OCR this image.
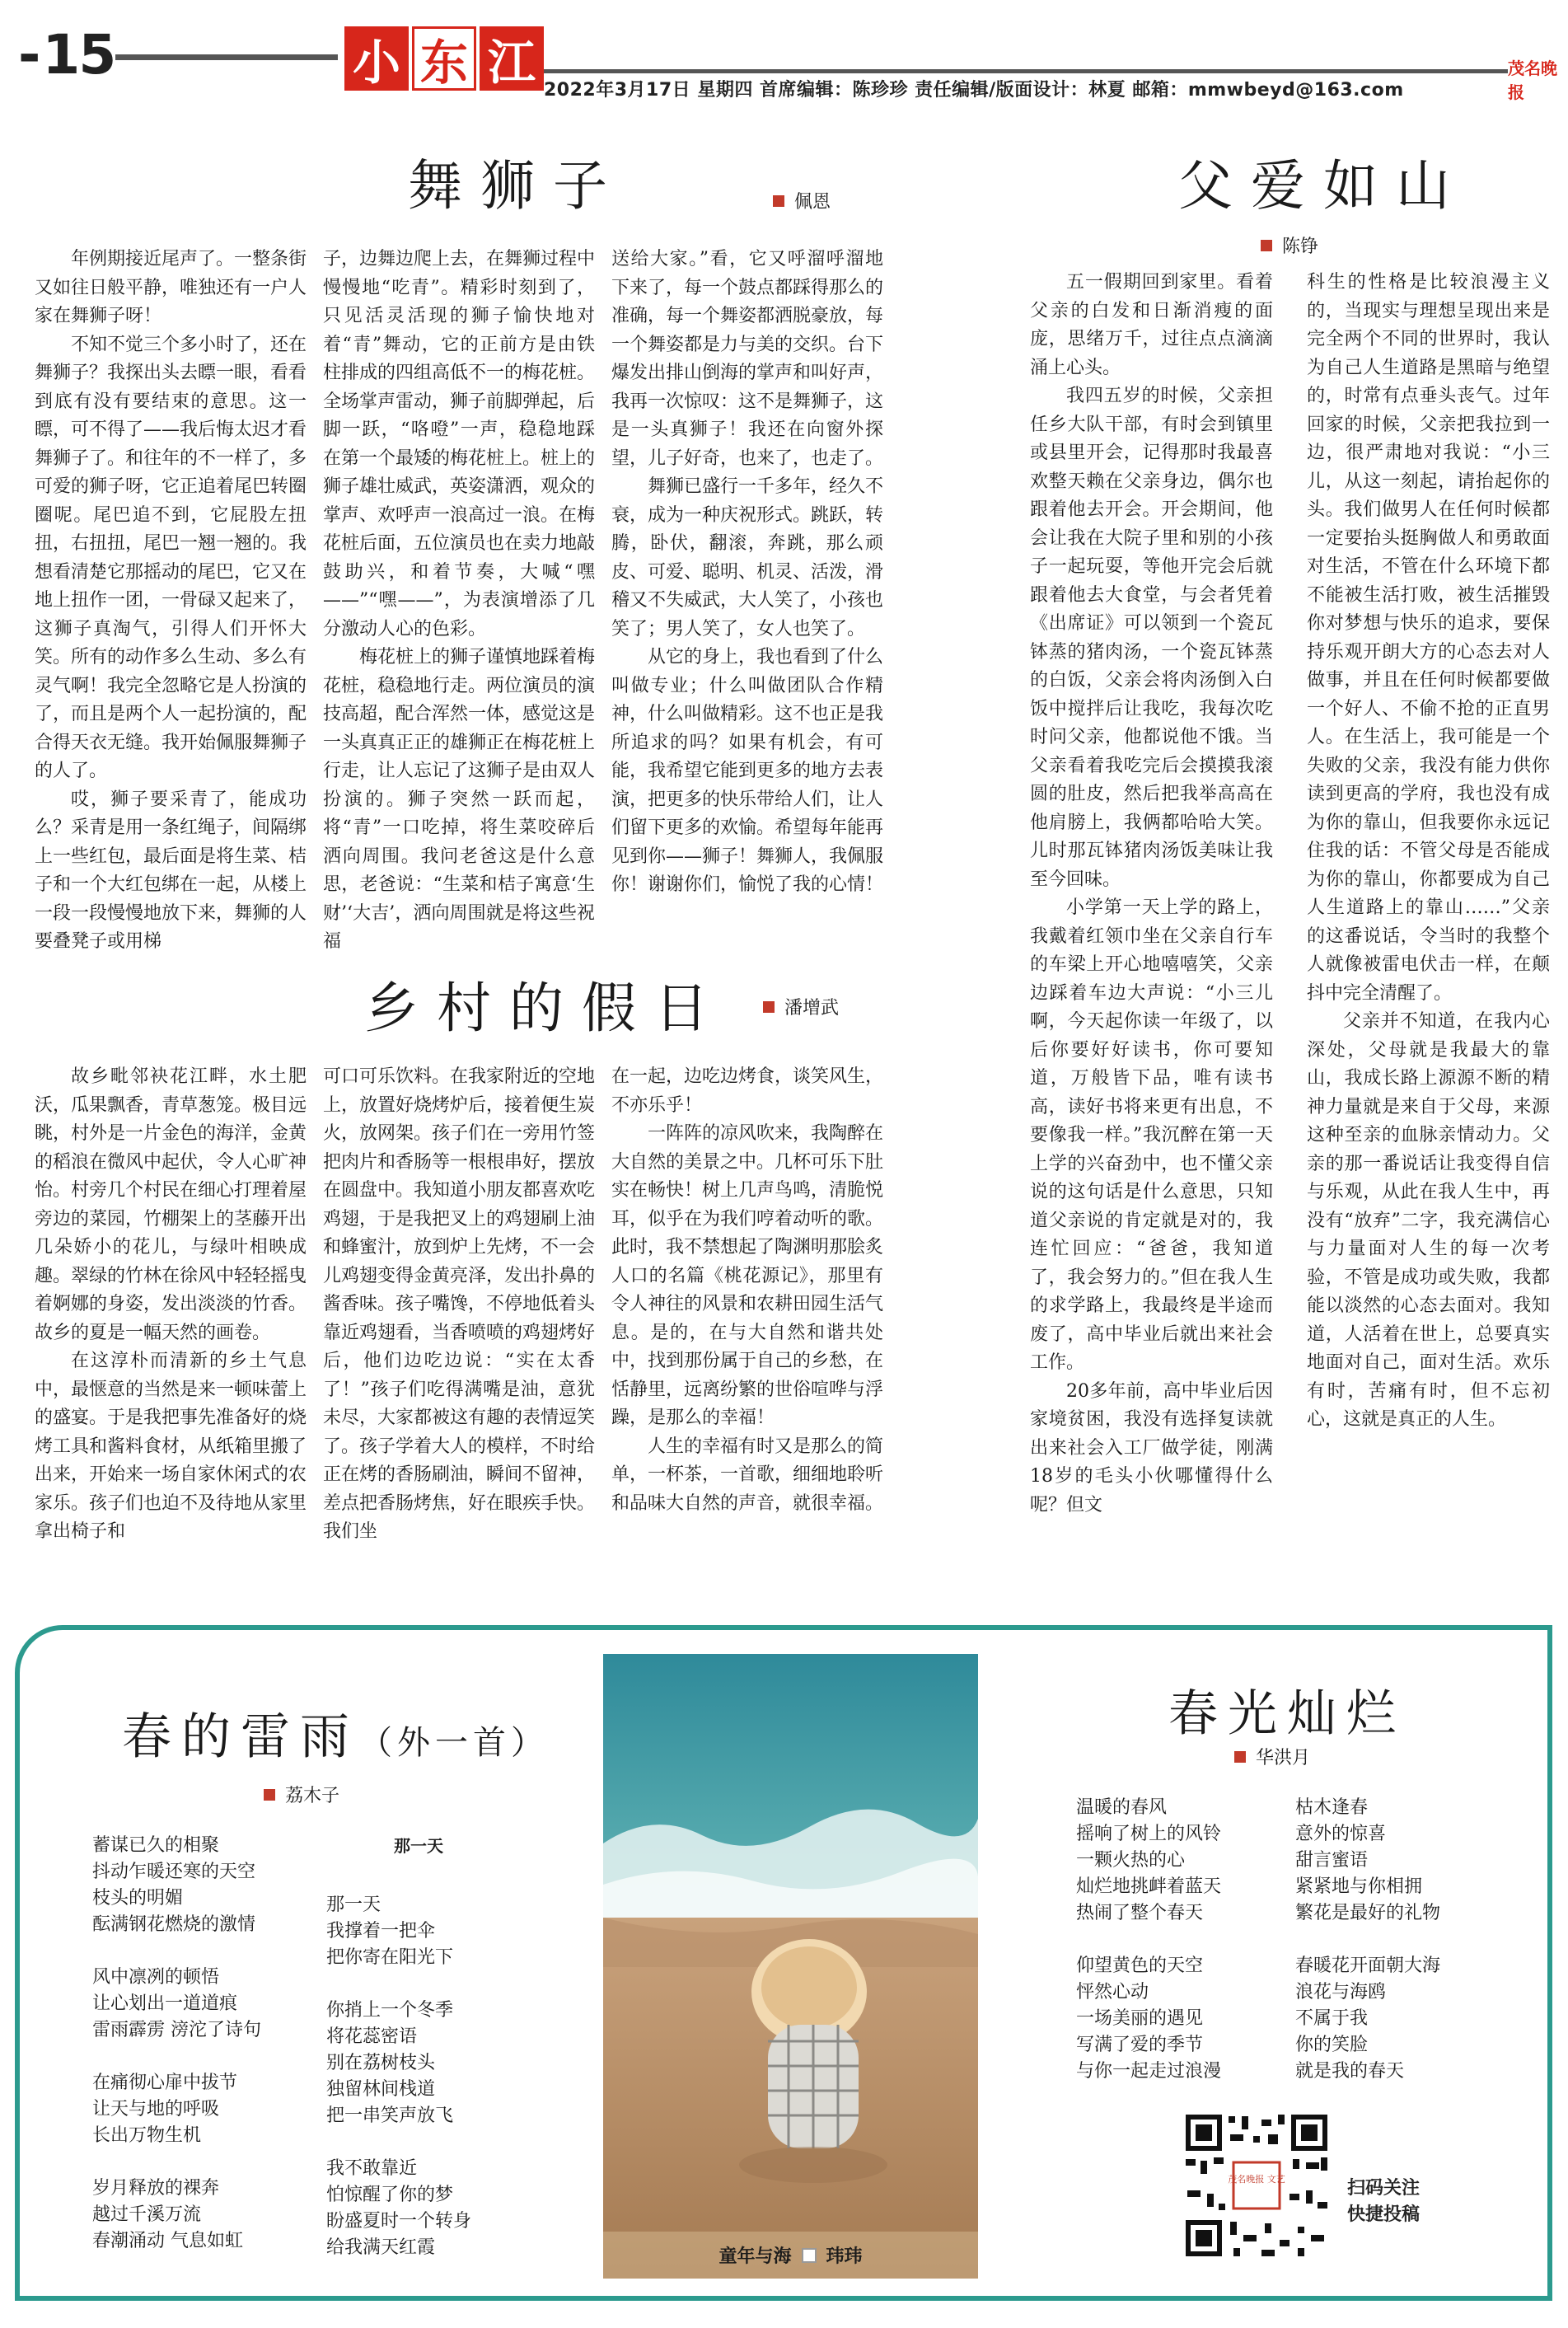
- 15	小 东 江 2022年3月17日 星期四 首席编辑：陈珍珍 责任编辑/版面设计：林夏 邮箱：mmwbeyd@163.com
茂名晚报
舞狮子	佩恩

年例期接近尾声了。一整条街又如往日般平静，唯独还有一户人家在舞狮子呀！

不知不觉三个多小时了，还在舞狮子？我探出头去瞟一眼，看看到底有没有要结束的意思。这一瞟，可不得了——我后悔太迟才看舞狮子了。和往年的不一样了，多可爱的狮子呀，它正追着尾巴转圈圈呢。尾巴追不到，它屁股左扭扭，右扭扭，尾巴一翘一翘的。我想看清楚它那摇动的尾巴，它又在地上扭作一团，一骨碌又起来了，这狮子真淘气，引得人们开怀大笑。所有的动作多么生动、多么有灵气啊！我完全忽略它是人扮演的了，而且是两个人一起扮演的，配合得天衣无缝。我开始佩服舞狮子的人了。

哎，狮子要采青了，能成功么？采青是用一条红绳子，间隔绑上一些红包，最后面是将生菜、桔子和一个大红包绑在一起，从楼上一段一段慢慢地放下来，舞狮的人要叠凳子或用梯

子，边舞边爬上去，在舞狮过程中慢慢地“吃青”。精彩时刻到了，只见活灵活现的狮子愉快地对着“青”舞动，它的正前方是由铁柱排成的四组高低不一的梅花桩。全场掌声雷动，狮子前脚弹起，后脚一跃，“咯噔”一声，稳稳地踩在第一个最矮的梅花桩上。桩上的狮子雄壮威武，英姿潇洒，观众的掌声、欢呼声一浪高过一浪。在梅花桩后面，五位演员也在卖力地敲鼓助兴，和着节奏，大喊“嘿——”“嘿——”，为表演增添了几分激动人心的色彩。

梅花桩上的狮子谨慎地踩着梅花桩，稳稳地行走。两位演员的演技高超，配合浑然一体，感觉这是一头真真正正的雄狮正在梅花桩上行走，让人忘记了这狮子是由双人扮演的。狮子突然一跃而起，将“青”一口吃掉，将生菜咬碎后洒向周围。我问老爸这是什么意思，老爸说：“生菜和桔子寓意‘生财’‘大吉’，洒向周围就是将这些祝福

送给大家。”看，它又呼溜呼溜地下来了，每一个鼓点都踩得那么的准确，每一个舞姿都洒脱豪放，每一个舞姿都是力与美的交织。台下爆发出排山倒海的掌声和叫好声，我再一次惊叹：这不是舞狮子，这是一头真狮子！我还在向窗外探望，儿子好奇，也来了，也走了。

舞狮已盛行一千多年，经久不衰，成为一种庆祝形式。跳跃，转腾，卧伏，翻滚，奔跳，那么顽皮、可爱、聪明、机灵、活泼，滑稽又不失威武，大人笑了，小孩也笑了；男人笑了，女人也笑了。

从它的身上，我也看到了什么叫做专业；什么叫做团队合作精神，什么叫做精彩。这不也正是我所追求的吗？如果有机会，有可能，我希望它能到更多的地方去表演，把更多的快乐带给人们，让人们留下更多的欢愉。希望每年能再见到你——狮子！舞狮人，我佩服你！谢谢你们，愉悦了我的心情！

乡村的假日	潘增武

故乡毗邻袂花江畔，水土肥沃，瓜果飘香，青草葱笼。极目远眺，村外是一片金色的海洋，金黄的稻浪在微风中起伏，令人心旷神怡。村旁几个村民在细心打理着屋旁边的菜园，竹棚架上的茎藤开出几朵娇小的花儿，与绿叶相映成趣。翠绿的竹林在徐风中轻轻摇曳着婀娜的身姿，发出淡淡的竹香。故乡的夏是一幅天然的画卷。

在这淳朴而清新的乡土气息中，最惬意的当然是来一顿味蕾上的盛宴。于是我把事先准备好的烧烤工具和酱料食材，从纸箱里搬了出来，开始来一场自家休闲式的农家乐。孩子们也迫不及待地从家里拿出椅子和

可口可乐饮料。在我家附近的空地上，放置好烧烤炉后，接着便生炭火，放网架。孩子们在一旁用竹签把肉片和香肠等一根根串好，摆放在圆盘中。我知道小朋友都喜欢吃鸡翅，于是我把叉上的鸡翅刷上油和蜂蜜汁，放到炉上先烤，不一会儿鸡翅变得金黄亮泽，发出扑鼻的酱香味。孩子嘴馋，不停地低着头靠近鸡翅看，当香喷喷的鸡翅烤好后，他们边吃边说：“实在太香了！”孩子们吃得满嘴是油，意犹未尽，大家都被这有趣的表情逗笑了。孩子学着大人的模样，不时给正在烤的香肠刷油，瞬间不留神，差点把香肠烤焦，好在眼疾手快。我们坐

在一起，边吃边烤食，谈笑风生，不亦乐乎！

一阵阵的凉风吹来，我陶醉在大自然的美景之中。几杯可乐下肚实在畅快！树上几声鸟鸣，清脆悦耳，似乎在为我们哼着动听的歌。此时，我不禁想起了陶渊明那脍炙人口的名篇《桃花源记》，那里有令人神往的风景和农耕田园生活气息。是的，在与大自然和谐共处中，找到那份属于自己的乡愁，在恬静里，远离纷繁的世俗喧哗与浮躁，是那么的幸福！

人生的幸福有时又是那么的简单，一杯茶，一首歌，细细地聆听和品味大自然的声音，就很幸福。

父爱如山
陈铮

五一假期回到家里。看着父亲的白发和日渐消瘦的面庞，思绪万千，过往点点滴滴涌上心头。

我四五岁的时候，父亲担任乡大队干部，有时会到镇里或县里开会，记得那时我最喜欢整天赖在父亲身边，偶尔也跟着他去开会。开会期间，他会让我在大院子里和别的小孩子一起玩耍，等他开完会后就跟着他去大食堂，与会者凭着《出席证》可以领到一个瓷瓦钵蒸的猪肉汤，一个瓷瓦钵蒸的白饭，父亲会将肉汤倒入白饭中搅拌后让我吃，我每次吃时问父亲，他都说他不饿。当父亲看着我吃完后会摸摸我滚圆的肚皮，然后把我举高高在他肩膀上，我俩都哈哈大笑。儿时那瓦钵猪肉汤饭美味让我至今回味。

小学第一天上学的路上，我戴着红领巾坐在父亲自行车的车梁上开心地嘻嘻笑，父亲边踩着车边大声说：“小三儿啊，今天起你读一年级了，以后你要好好读书，你可要知道，万般皆下品，唯有读书高，读好书将来更有出息，不要像我一样。”我沉醉在第一天上学的兴奋劲中，也不懂父亲说的这句话是什么意思，只知道父亲说的肯定就是对的，我连忙回应：“爸爸，我知道了，我会努力的。”但在我人生的求学路上，我最终是半途而废了，高中毕业后就出来社会工作。

20多年前，高中毕业后因家境贫困，我没有选择复读就出来社会入工厂做学徒，刚满18岁的毛头小伙哪懂得什么呢？但文

科生的性格是比较浪漫主义的，当现实与理想呈现出来是完全两个不同的世界时，我认为自己人生道路是黑暗与绝望的，时常有点垂头丧气。过年回家的时候，父亲把我拉到一边，很严肃地对我说：“小三儿，从这一刻起，请抬起你的头。我们做男人在任何时候都一定要抬头挺胸做人和勇敢面对生活，不管在什么环境下都不能被生活打败，被生活摧毁你对梦想与快乐的追求，要保持乐观开朗大方的心态去对人做事，并且在任何时候都要做一个好人、不偷不抢的正直男人。在生活上，我可能是一个失败的父亲，我没有能力供你读到更高的学府，我也没有成为你的靠山，但我要你永远记住我的话：不管父母是否能成为你的靠山，你都要成为自己人生道路上的靠山……”父亲的这番说话，令当时的我整个人就像被雷电伏击一样，在颠抖中完全清醒了。

父亲并不知道，在我内心深处，父母就是我最大的靠山，我成长路上源源不断的精神力量就是来自于父母，来源这种至亲的血脉亲情动力。父亲的那一番说话让我变得自信与乐观，从此在我人生中，再没有“放弃”二字，我充满信心与力量面对人生的每一次考验，不管是成功或失败，我都能以淡然的心态去面对。我知道，人活着在世上，总要真实地面对自己，面对生活。欢乐有时，苦痛有时，但不忘初心，这就是真正的人生。

春的雷雨（外一首）
荔木子
蓄谋已久的相聚
抖动乍暖还寒的天空
枝头的明媚
酝满钢花燃烧的激情
风中凛冽的顿悟
让心划出一道道痕
雷雨霹雳 滂沱了诗句
在痛彻心扉中拔节
让天与地的呼吸
长出万物生机
岁月释放的裸奔
越过千溪万流
春潮涌动 气息如虹
那一天
那一天
我撑着一把伞
把你寄在阳光下
你捎上一个冬季
将花蕊密语
别在荔树枝头
独留林间栈道
把一串笑声放飞
我不敢靠近
怕惊醒了你的梦
盼盛夏时一个转身
给我满天红霞	童年与海 玮玮
春光灿烂
华洪月
温暖的春风
摇响了树上的风铃
一颗火热的心
灿烂地挑衅着蓝天
热闹了整个春天
仰望黄色的天空
怦然心动
一场美丽的遇见
写满了爱的季节
与你一起走过浪漫
枯木逢春
意外的惊喜
甜言蜜语
紧紧地与你相拥
繁花是最好的礼物
春暖花开面朝大海
浪花与海鸥
不属于我
你的笑脸
就是我的春天
茂名晚报 文艺	扫码关注
快捷投稿
